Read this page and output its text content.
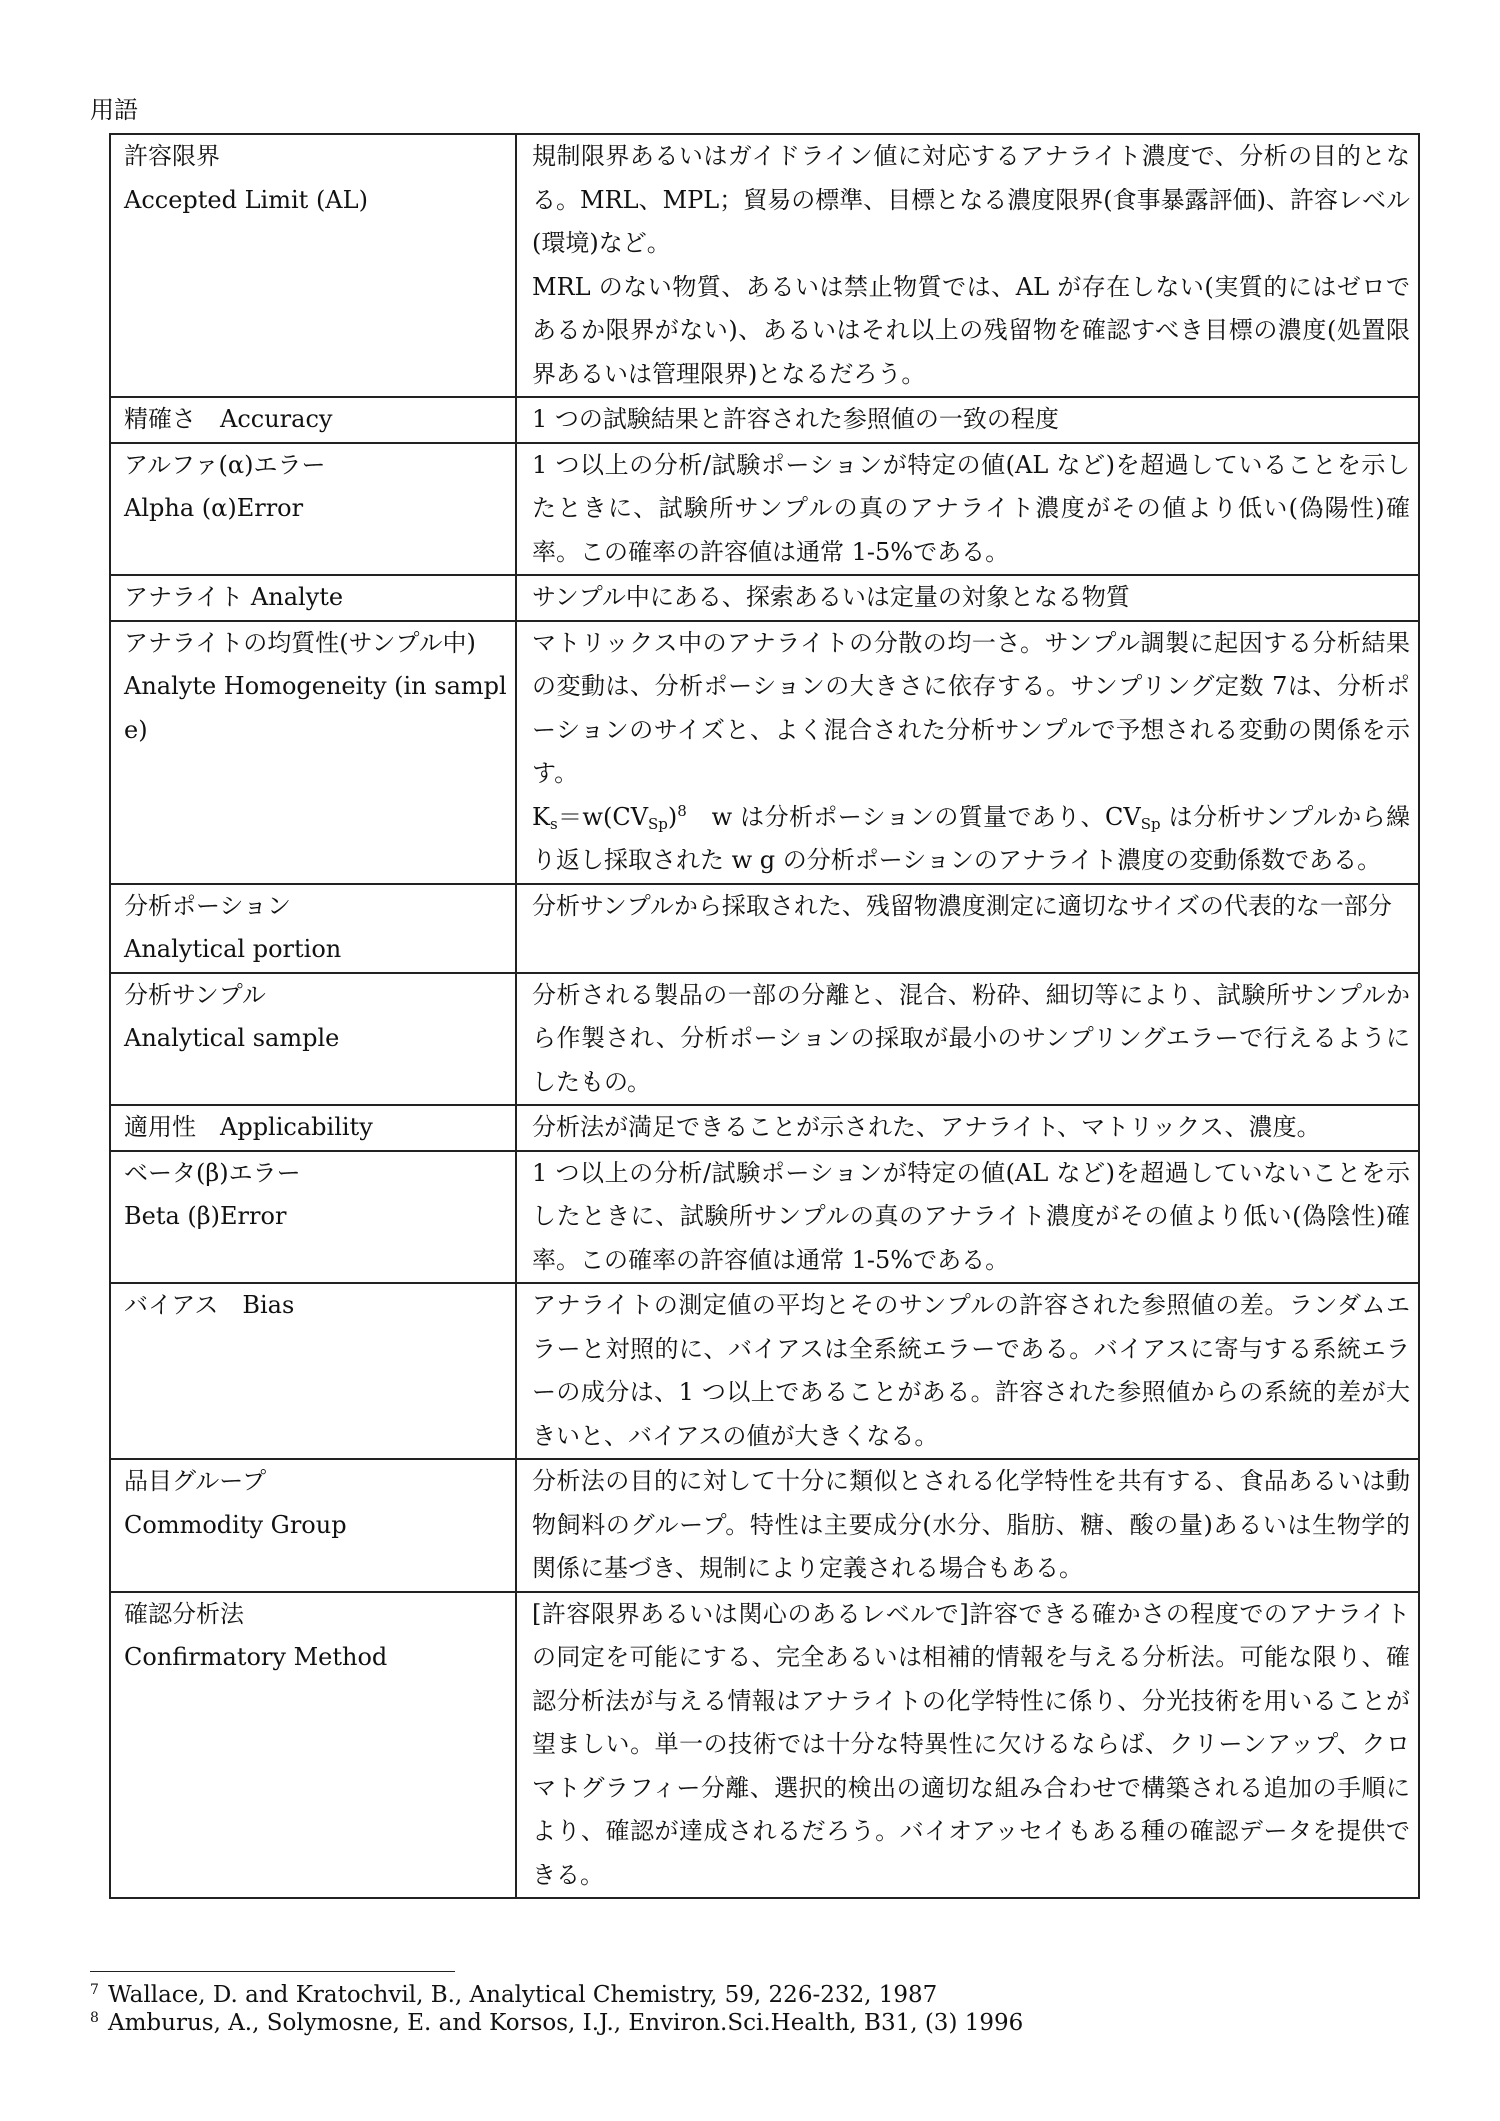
用語
許容限界
Accepted Limit (AL)	規制限界あるいはガイドライン値に対応するアナライト濃度で、分析の目的となる。MRL、MPL；貿易の標準、目標となる濃度限界(食事暴露評価)、許容レベル(環境)など。
MRL のない物質、あるいは禁止物質では、AL が存在しない(実質的にはゼロであるか限界がない)、あるいはそれ以上の残留物を確認すべき目標の濃度(処置限界あるいは管理限界)となるだろう。

精確さ　Accuracy	1 つの試験結果と許容された参照値の一致の程度

アルファ(α)エラー
Alpha (α)Error	1 つ以上の分析/試験ポーションが特定の値(AL など)を超過していることを示したときに、試験所サンプルの真のアナライト濃度がその値より低い(偽陽性)確率。この確率の許容値は通常 1-5%である。

アナライト Analyte	サンプル中にある、探索あるいは定量の対象となる物質

アナライトの均質性(サンプル中)
Analyte Homogeneity (in sample)	マトリックス中のアナライトの分散の均一さ。サンプル調製に起因する分析結果の変動は、分析ポーションの大きさに依存する。サンプリング定数 7は、分析ポーションのサイズと、よく混合された分析サンプルで予想される変動の関係を示す。
$K_s=w(CV_{Sp})^8$　w は分析ポーションの質量であり、$CV_{Sp}$ は分析サンプルから繰り返し採取された w g の分析ポーションのアナライト濃度の変動係数である。

分析ポーション
Analytical portion	分析サンプルから採取された、残留物濃度測定に適切なサイズの代表的な一部分

分析サンプル
Analytical sample	分析される製品の一部の分離と、混合、粉砕、細切等により、試験所サンプルから作製され、分析ポーションの採取が最小のサンプリングエラーで行えるようにしたもの。

適用性　Applicability	分析法が満足できることが示された、アナライト、マトリックス、濃度。

ベータ(β)エラー
Beta (β)Error	1 つ以上の分析/試験ポーションが特定の値(AL など)を超過していないことを示したときに、試験所サンプルの真のアナライト濃度がその値より低い(偽陰性)確率。この確率の許容値は通常 1-5%である。

バイアス　Bias	アナライトの測定値の平均とそのサンプルの許容された参照値の差。ランダムエラーと対照的に、バイアスは全系統エラーである。バイアスに寄与する系統エラーの成分は、1 つ以上であることがある。許容された参照値からの系統的差が大きいと、バイアスの値が大きくなる。

品目グループ
Commodity Group	分析法の目的に対して十分に類似とされる化学特性を共有する、食品あるいは動物飼料のグループ。特性は主要成分(水分、脂肪、糖、酸の量)あるいは生物学的関係に基づき、規制により定義される場合もある。

確認分析法
Confirmatory Method	[許容限界あるいは関心のあるレベルで]許容できる確かさの程度でのアナライトの同定を可能にする、完全あるいは相補的情報を与える分析法。可能な限り、確認分析法が与える情報はアナライトの化学特性に係り、分光技術を用いることが望ましい。単一の技術では十分な特異性に欠けるならば、クリーンアップ、クロマトグラフィー分離、選択的検出の適切な組み合わせで構築される追加の手順により、確認が達成されるだろう。バイオアッセイもある種の確認データを提供できる。
7 Wallace, D. and Kratochvil, B., Analytical Chemistry, 59, 226-232, 1987
8 Amburus, A., Solymosne, E. and Korsos, I.J., Environ.Sci.Health, B31, (3) 1996
